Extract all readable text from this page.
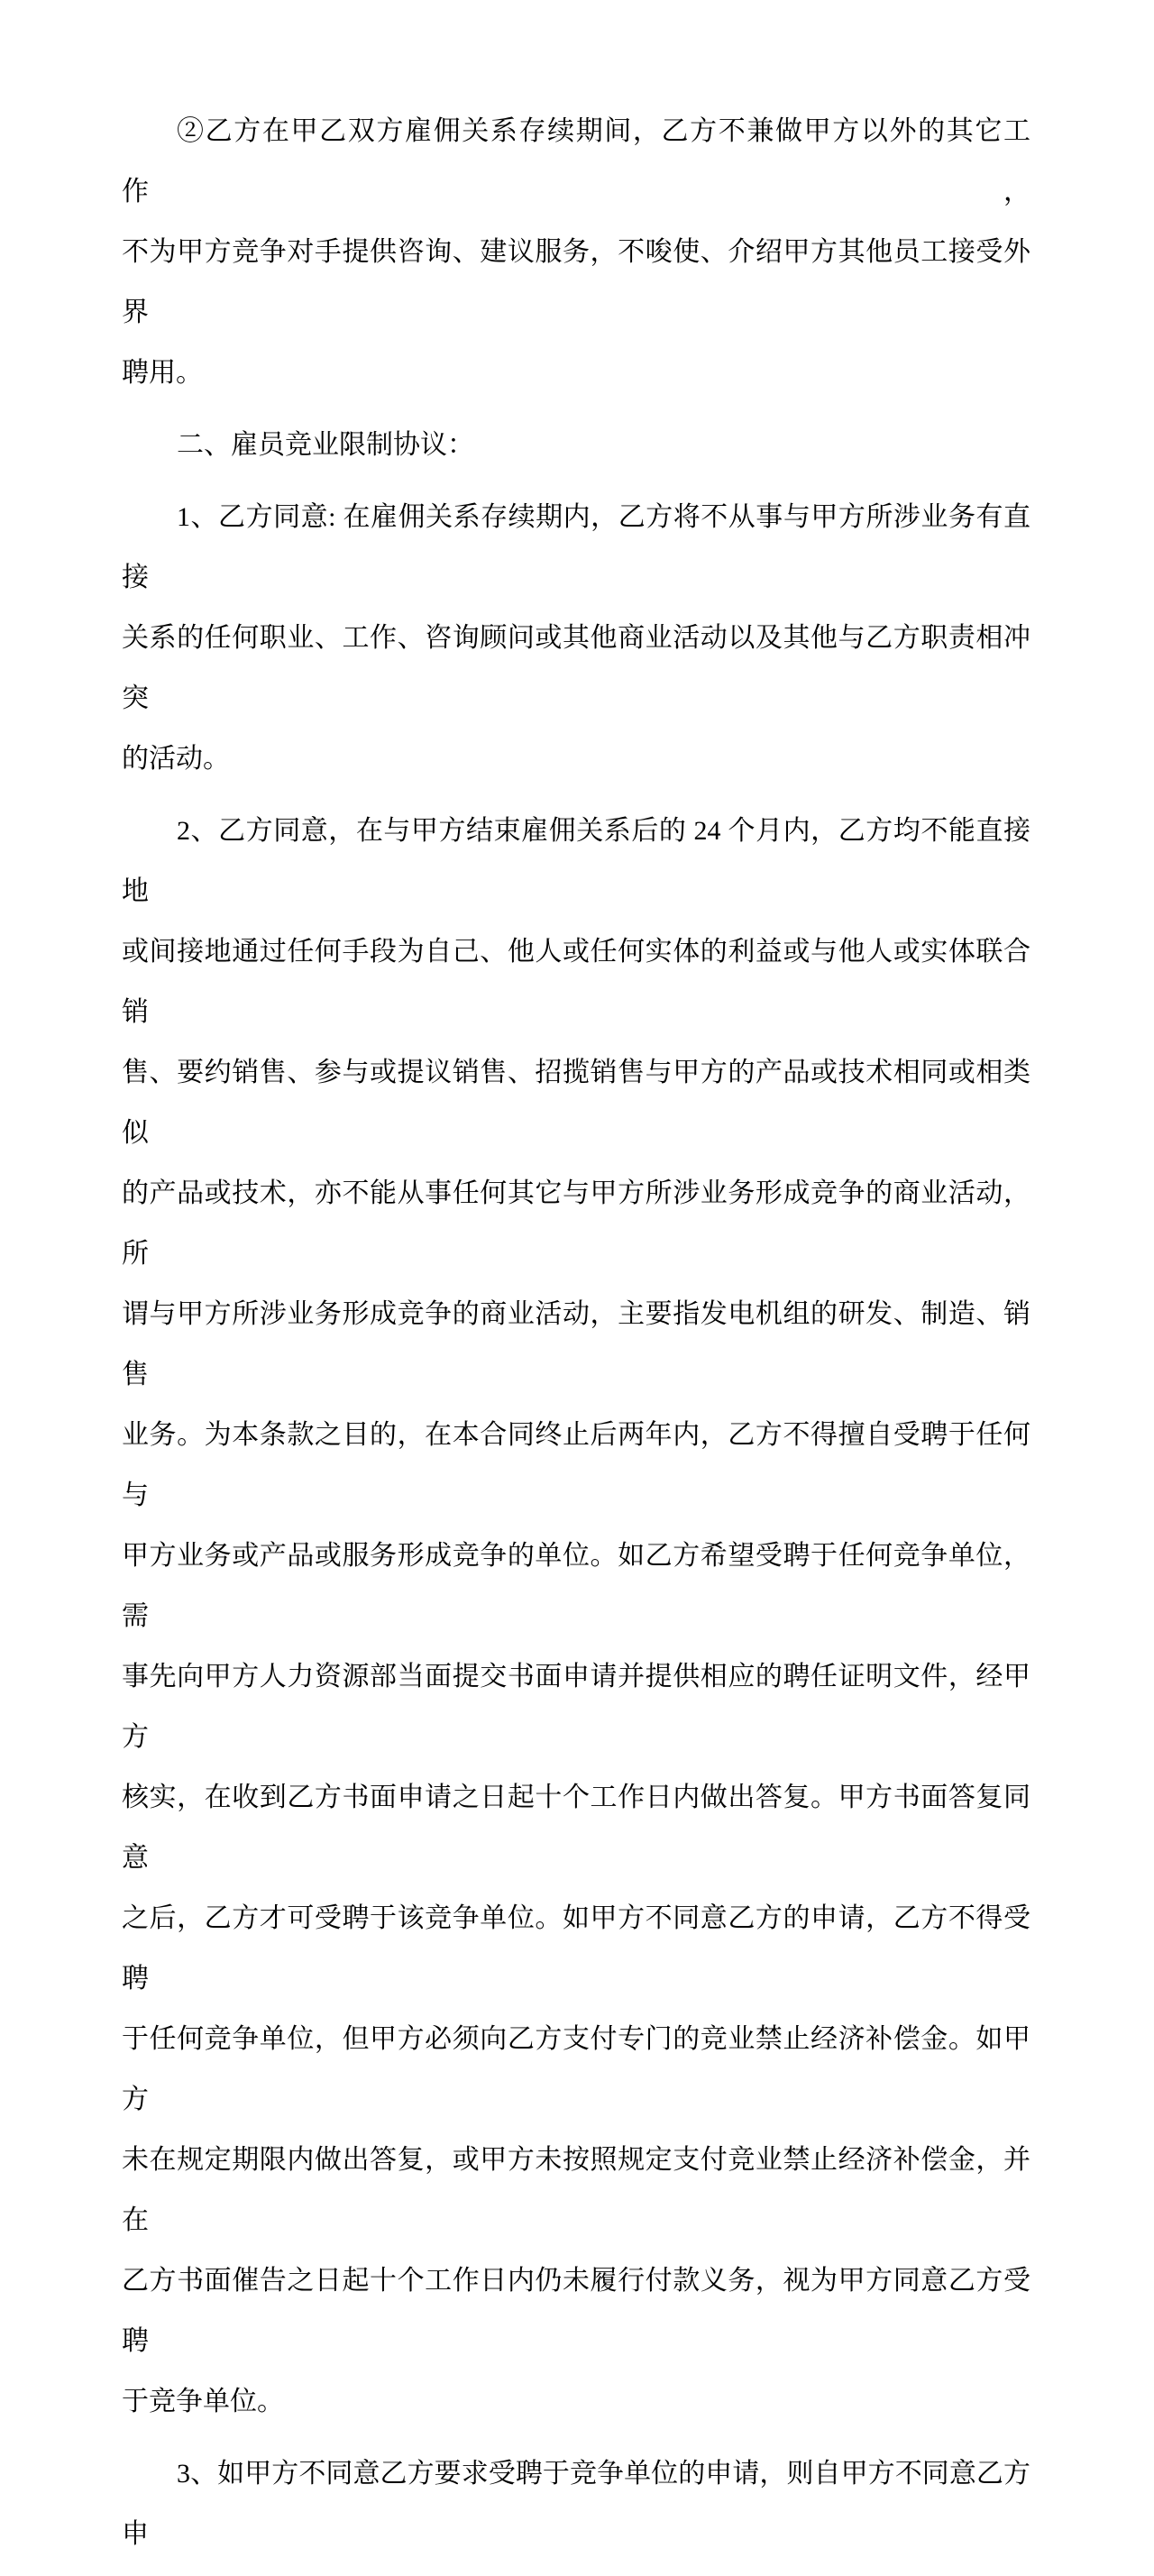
②乙方在甲乙双方雇佣关系存续期间，乙方不兼做甲方以外的其它工作，
不为甲方竞争对手提供咨询、建议服务，不唆使、介绍甲方其他员工接受外界
聘用。
二、雇员竞业限制协议：
1、乙方同意: 在雇佣关系存续期内，乙方将不从事与甲方所涉业务有直接
关系的任何职业、工作、咨询顾问或其他商业活动以及其他与乙方职责相冲突
的活动。
2、乙方同意，在与甲方结束雇佣关系后的 24 个月内，乙方均不能直接地
或间接地通过任何手段为自己、他人或任何实体的利益或与他人或实体联合销
售、要约销售、参与或提议销售、招揽销售与甲方的产品或技术相同或相类似
的产品或技术，亦不能从事任何其它与甲方所涉业务形成竞争的商业活动，所
谓与甲方所涉业务形成竞争的商业活动，主要指发电机组的研发、制造、销售
业务。为本条款之目的，在本合同终止后两年内，乙方不得擅自受聘于任何与
甲方业务或产品或服务形成竞争的单位。如乙方希望受聘于任何竞争单位，需
事先向甲方人力资源部当面提交书面申请并提供相应的聘任证明文件，经甲方
核实，在收到乙方书面申请之日起十个工作日内做出答复。甲方书面答复同意
之后，乙方才可受聘于该竞争单位。如甲方不同意乙方的申请，乙方不得受聘
于任何竞争单位，但甲方必须向乙方支付专门的竞业禁止经济补偿金。如甲方
未在规定期限内做出答复，或甲方未按照规定支付竞业禁止经济补偿金，并在
乙方书面催告之日起十个工作日内仍未履行付款义务，视为甲方同意乙方受聘
于竞争单位。
3、如甲方不同意乙方要求受聘于竞争单位的申请，则自甲方不同意乙方申
